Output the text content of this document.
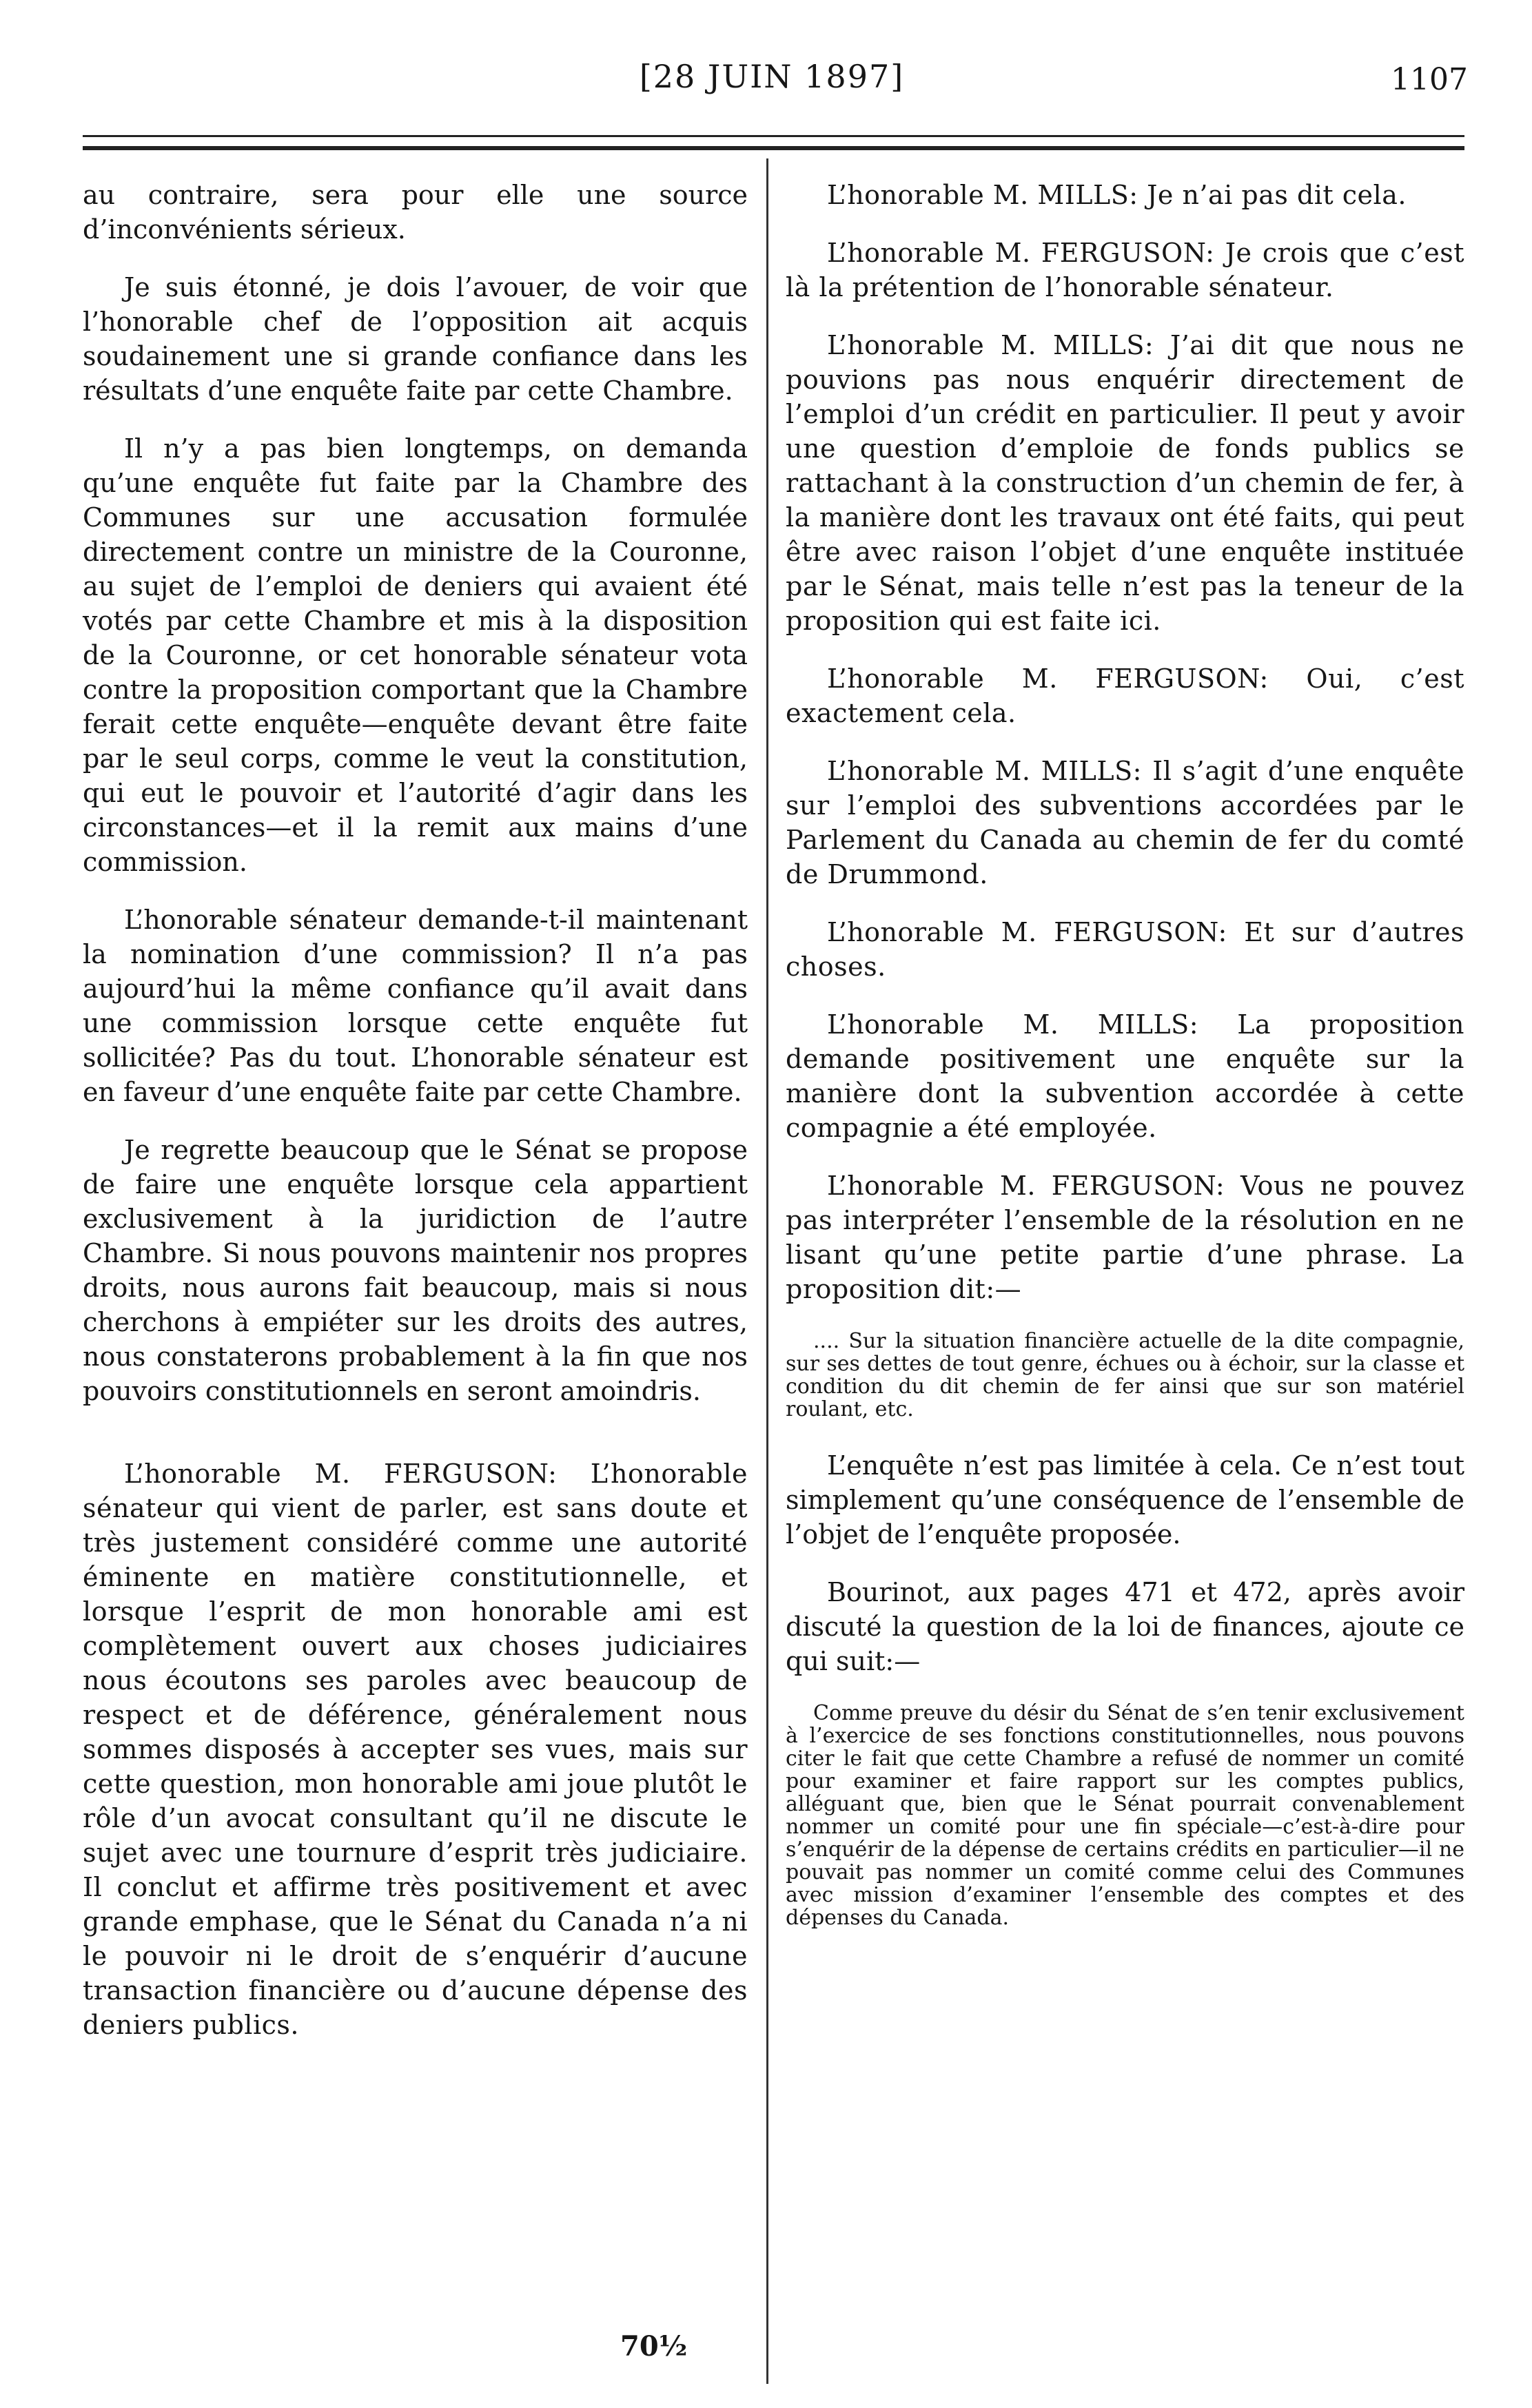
[28 JUIN 1897]	1107

au contraire, sera pour elle une source d’inconvénients sérieux.

Je suis étonné, je dois l’avouer, de voir que l’honorable chef de l’opposition ait acquis soudainement une si grande confiance dans les résultats d’une enquête faite par cette Chambre.

Il n’y a pas bien longtemps, on demanda qu’une enquête fut faite par la Chambre des Communes sur une accusation formulée directement contre un ministre de la Couronne, au sujet de l’emploi de deniers qui avaient été votés par cette Chambre et mis à la disposition de la Couronne, or cet honorable sénateur vota contre la proposition comportant que la Chambre ferait cette enquête—enquête devant être faite par le seul corps, comme le veut la constitution, qui eut le pouvoir et l’autorité d’agir dans les circonstances—et il la remit aux mains d’une commission.

L’honorable sénateur demande-t-il maintenant la nomination d’une commission? Il n’a pas aujourd’hui la même confiance qu’il avait dans une commission lorsque cette enquête fut sollicitée? Pas du tout. L’honorable sénateur est en faveur d’une enquête faite par cette Chambre.

Je regrette beaucoup que le Sénat se propose de faire une enquête lorsque cela appartient exclusivement à la juridiction de l’autre Chambre. Si nous pouvons maintenir nos propres droits, nous aurons fait beaucoup, mais si nous cherchons à empiéter sur les droits des autres, nous constaterons probablement à la fin que nos pouvoirs constitutionnels en seront amoindris.

L’honorable M. FERGUSON: L’honorable sénateur qui vient de parler, est sans doute et très justement considéré comme une autorité éminente en matière constitutionnelle, et lorsque l’esprit de mon honorable ami est complètement ouvert aux choses judiciaires nous écoutons ses paroles avec beaucoup de respect et de déférence, généralement nous sommes disposés à accepter ses vues, mais sur cette question, mon honorable ami joue plutôt le rôle d’un avocat consultant qu’il ne discute le sujet avec une tournure d’esprit très judiciaire. Il conclut et affirme très positivement et avec grande emphase, que le Sénat du Canada n’a ni le pouvoir ni le droit de s’enquérir d’aucune transaction financière ou d’aucune dépense des deniers publics.

L’honorable M. MILLS: Je n’ai pas dit cela.

L’honorable M. FERGUSON: Je crois que c’est là la prétention de l’honorable sénateur.

L’honorable M. MILLS: J’ai dit que nous ne pouvions pas nous enquérir directement de l’emploi d’un crédit en particulier. Il peut y avoir une question d’emploie de fonds publics se rattachant à la construction d’un chemin de fer, à la manière dont les travaux ont été faits, qui peut être avec raison l’objet d’une enquête instituée par le Sénat, mais telle n’est pas la teneur de la proposition qui est faite ici.

L’honorable M. FERGUSON: Oui, c’est exactement cela.

L’honorable M. MILLS: Il s’agit d’une enquête sur l’emploi des subventions accordées par le Parlement du Canada au chemin de fer du comté de Drummond.

L’honorable M. FERGUSON: Et sur d’autres choses.

L’honorable M. MILLS: La proposition demande positivement une enquête sur la manière dont la subvention accordée à cette compagnie a été employée.

L’honorable M. FERGUSON: Vous ne pouvez pas interpréter l’ensemble de la résolution en ne lisant qu’une petite partie d’une phrase. La proposition dit:—

.... Sur la situation financière actuelle de la dite compagnie, sur ses dettes de tout genre, échues ou à échoir, sur la classe et condition du dit chemin de fer ainsi que sur son matériel roulant, etc.

L’enquête n’est pas limitée à cela. Ce n’est tout simplement qu’une conséquence de l’ensemble de l’objet de l’enquête proposée.

Bourinot, aux pages 471 et 472, après avoir discuté la question de la loi de finances, ajoute ce qui suit:—

Comme preuve du désir du Sénat de s’en tenir exclusivement à l’exercice de ses fonctions constitutionnelles, nous pouvons citer le fait que cette Chambre a refusé de nommer un comité pour examiner et faire rapport sur les comptes publics, alléguant que, bien que le Sénat pourrait convenablement nommer un comité pour une fin spéciale—c’est-à-dire pour s’enquérir de la dépense de certains crédits en particulier—il ne pouvait pas nommer un comité comme celui des Communes avec mission d’examiner l’ensemble des comptes et des dépenses du Canada.

70½
